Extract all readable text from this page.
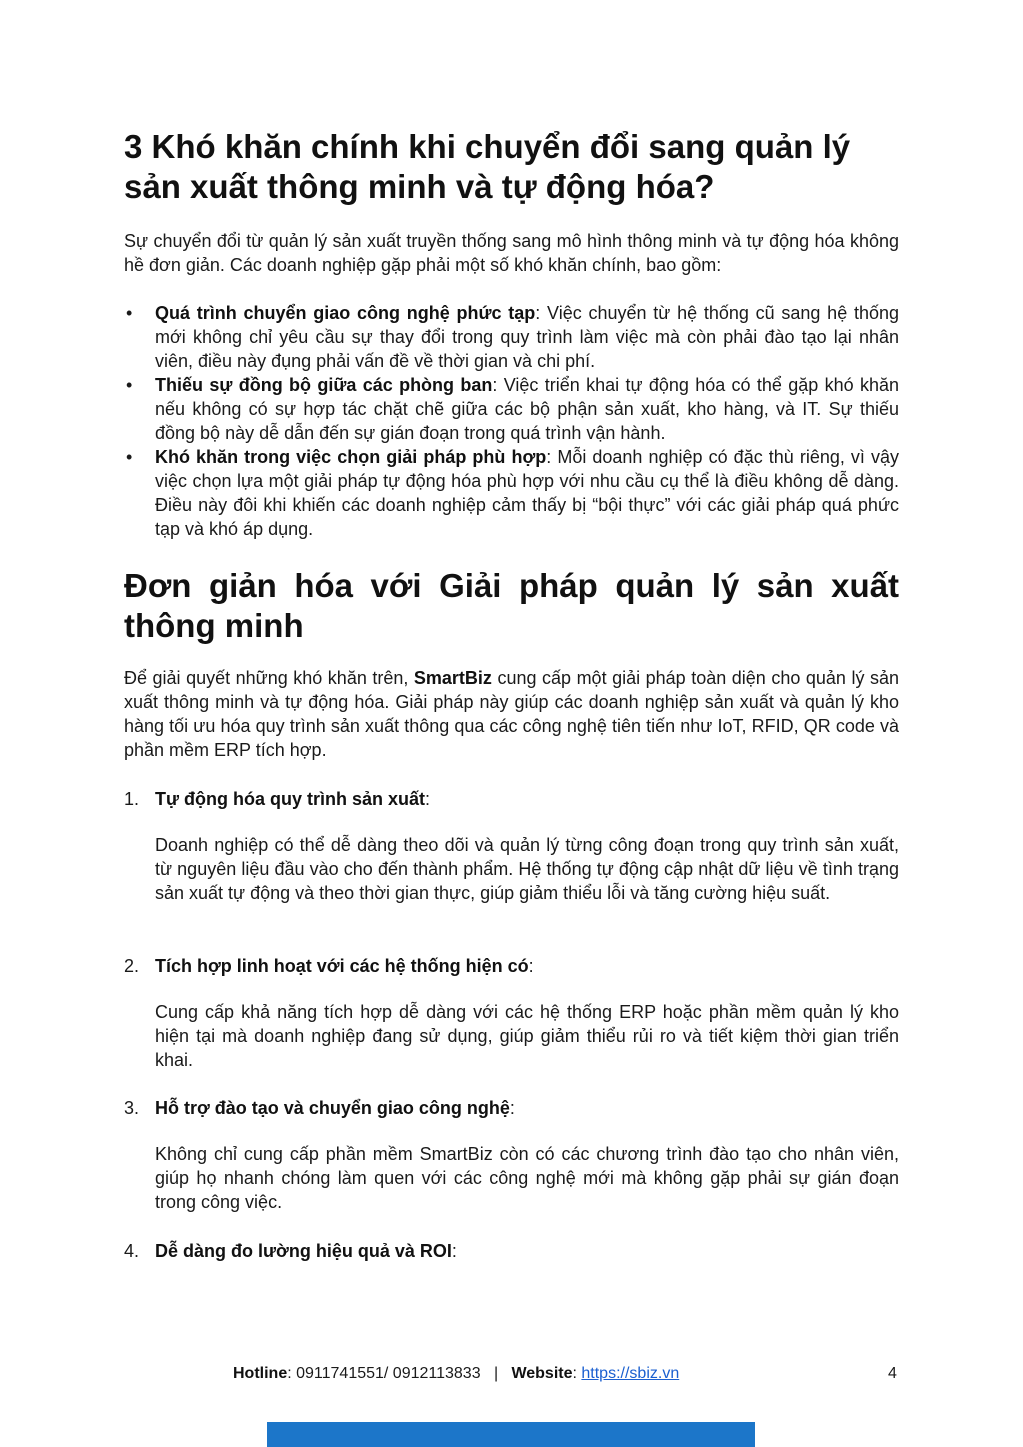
3 Khó khăn chính khi chuyển đổi sang quản lý sản xuất thông minh và tự động hóa?

Sự chuyển đổi từ quản lý sản xuất truyền thống sang mô hình thông minh và tự động hóa không hề đơn giản. Các doanh nghiệp gặp phải một số khó khăn chính, bao gồm:

• Quá trình chuyển giao công nghệ phức tạp: Việc chuyển từ hệ thống cũ sang hệ thống mới không chỉ yêu cầu sự thay đổi trong quy trình làm việc mà còn phải đào tạo lại nhân viên, điều này đụng phải vấn đề về thời gian và chi phí.
• Thiếu sự đồng bộ giữa các phòng ban: Việc triển khai tự động hóa có thể gặp khó khăn nếu không có sự hợp tác chặt chẽ giữa các bộ phận sản xuất, kho hàng, và IT. Sự thiếu đồng bộ này dễ dẫn đến sự gián đoạn trong quá trình vận hành.
• Khó khăn trong việc chọn giải pháp phù hợp: Mỗi doanh nghiệp có đặc thù riêng, vì vậy việc chọn lựa một giải pháp tự động hóa phù hợp với nhu cầu cụ thể là điều không dễ dàng. Điều này đôi khi khiến các doanh nghiệp cảm thấy bị “bội thực” với các giải pháp quá phức tạp và khó áp dụng.
Đơn giản hóa với Giải pháp quản lý sản xuất
thông minh

Để giải quyết những khó khăn trên, SmartBiz cung cấp một giải pháp toàn diện cho quản lý sản xuất thông minh và tự động hóa. Giải pháp này giúp các doanh nghiệp sản xuất và quản lý kho hàng tối ưu hóa quy trình sản xuất thông qua các công nghệ tiên tiến như IoT, RFID, QR code và phần mềm ERP tích hợp.

1. Tự động hóa quy trình sản xuất:

Doanh nghiệp có thể dễ dàng theo dõi và quản lý từng công đoạn trong quy trình sản xuất, từ nguyên liệu đầu vào cho đến thành phẩm. Hệ thống tự động cập nhật dữ liệu về tình trạng sản xuất tự động và theo thời gian thực, giúp giảm thiểu lỗi và tăng cường hiệu suất.

2. Tích hợp linh hoạt với các hệ thống hiện có:

Cung cấp khả năng tích hợp dễ dàng với các hệ thống ERP hoặc phần mềm quản lý kho hiện tại mà doanh nghiệp đang sử dụng, giúp giảm thiểu rủi ro và tiết kiệm thời gian triển khai.

3. Hỗ trợ đào tạo và chuyển giao công nghệ:

Không chỉ cung cấp phần mềm SmartBiz còn có các chương trình đào tạo cho nhân viên, giúp họ nhanh chóng làm quen với các công nghệ mới mà không gặp phải sự gián đoạn trong công việc.

4. Dễ dàng đo lường hiệu quả và ROI:
Hotline: 0911741551/ 0912113833 | Website: https://sbiz.vn	4
